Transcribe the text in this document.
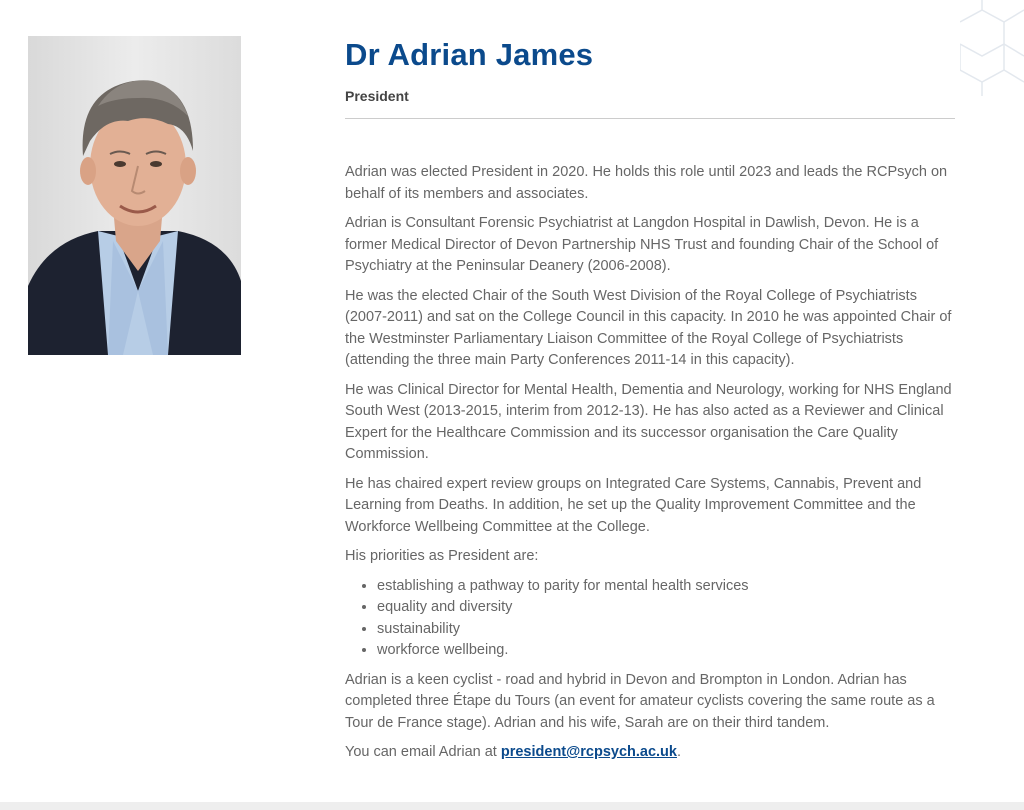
Dr Adrian James
President

Adrian was elected President in 2020. He holds this role until 2023 and leads the RCPsych on behalf of its members and associates.

Adrian is Consultant Forensic Psychiatrist at Langdon Hospital in Dawlish, Devon. He is a former Medical Director of Devon Partnership NHS Trust and founding Chair of the School of Psychiatry at the Peninsular Deanery (2006-2008).

He was the elected Chair of the South West Division of the Royal College of Psychiatrists (2007-2011) and sat on the College Council in this capacity. In 2010 he was appointed Chair of the Westminster Parliamentary Liaison Committee of the Royal College of Psychiatrists (attending the three main Party Conferences 2011-14 in this capacity).

He was Clinical Director for Mental Health, Dementia and Neurology, working for NHS England South West (2013-2015, interim from 2012-13). He has also acted as a Reviewer and Clinical Expert for the Healthcare Commission and its successor organisation the Care Quality Commission.

He has chaired expert review groups on Integrated Care Systems, Cannabis, Prevent and Learning from Deaths. In addition, he set up the Quality Improvement Committee and the Workforce Wellbeing Committee at the College.

His priorities as President are:

• establishing a pathway to parity for mental health services
• equality and diversity
• sustainability
• workforce wellbeing.

Adrian is a keen cyclist - road and hybrid in Devon and Brompton in London. Adrian has completed three Étape du Tours (an event for amateur cyclists covering the same route as a Tour de France stage). Adrian and his wife, Sarah are on their third tandem.

You can email Adrian at president@rcpsych.ac.uk.
